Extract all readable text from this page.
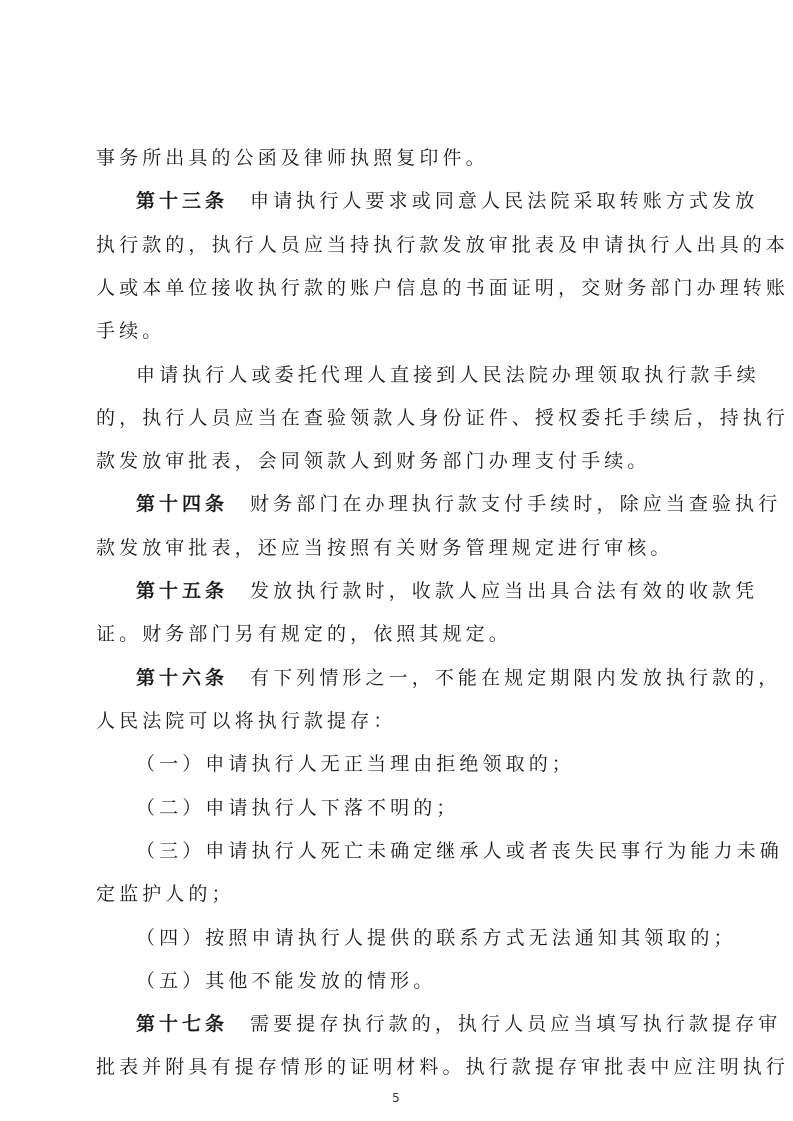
事务所出具的公函及律师执照复印件。
第十三条 申请执行人要求或同意人民法院采取转账方式发放
执行款的，执行人员应当持执行款发放审批表及申请执行人出具的本
人或本单位接收执行款的账户信息的书面证明，交财务部门办理转账
手续。
申请执行人或委托代理人直接到人民法院办理领取执行款手续
的，执行人员应当在查验领款人身份证件、授权委托手续后，持执行
款发放审批表，会同领款人到财务部门办理支付手续。
第十四条 财务部门在办理执行款支付手续时，除应当查验执行
款发放审批表，还应当按照有关财务管理规定进行审核。
第十五条 发放执行款时，收款人应当出具合法有效的收款凭
证。财务部门另有规定的，依照其规定。
第十六条 有下列情形之一，不能在规定期限内发放执行款的，
人民法院可以将执行款提存：
（一）申请执行人无正当理由拒绝领取的；
（二）申请执行人下落不明的；
（三）申请执行人死亡未确定继承人或者丧失民事行为能力未确
定监护人的；
（四）按照申请执行人提供的联系方式无法通知其领取的；
（五）其他不能发放的情形。
第十七条 需要提存执行款的，执行人员应当填写执行款提存审
批表并附具有提存情形的证明材料。执行款提存审批表中应注明执行
5
